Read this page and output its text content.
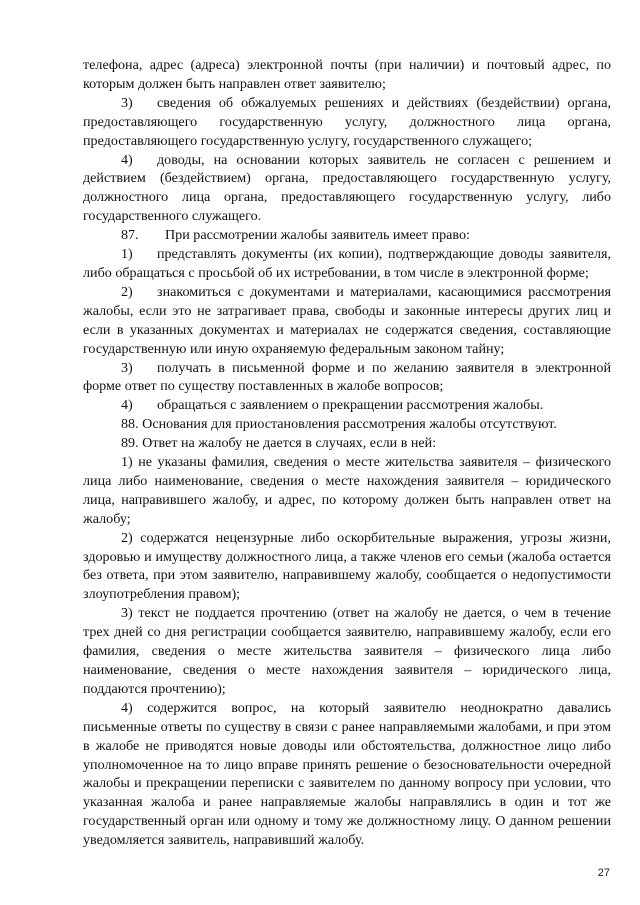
телефона, адрес (адреса) электронной почты (при наличии) и почтовый адрес, по которым должен быть направлен ответ заявителю;

3) сведения об обжалуемых решениях и действиях (бездействии) органа, предоставляющего государственную услугу, должностного лица органа, предоставляющего государственную услугу, государственного служащего;

4) доводы, на основании которых заявитель не согласен с решением и действием (бездействием) органа, предоставляющего государственную услугу, должностного лица органа, предоставляющего государственную услугу, либо государственного служащего.

87. При рассмотрении жалобы заявитель имеет право:

1) представлять документы (их копии), подтверждающие доводы заявителя, либо обращаться с просьбой об их истребовании, в том числе в электронной форме;

2) знакомиться с документами и материалами, касающимися рассмотрения жалобы, если это не затрагивает права, свободы и законные интересы других лиц и если в указанных документах и материалах не содержатся сведения, составляющие государственную или иную охраняемую федеральным законом тайну;

3) получать в письменной форме и по желанию заявителя в электронной форме ответ по существу поставленных в жалобе вопросов;

4) обращаться с заявлением о прекращении рассмотрения жалобы.

88. Основания для приостановления рассмотрения жалобы отсутствуют.

89. Ответ на жалобу не дается в случаях, если в ней:

1) не указаны фамилия, сведения о месте жительства заявителя – физического лица либо наименование, сведения о месте нахождения заявителя – юридического лица, направившего жалобу, и адрес, по которому должен быть направлен ответ на жалобу;

2) содержатся нецензурные либо оскорбительные выражения, угрозы жизни, здоровью и имуществу должностного лица, а также членов его семьи (жалоба остается без ответа, при этом заявителю, направившему жалобу, сообщается о недопустимости злоупотребления правом);

3) текст не поддается прочтению (ответ на жалобу не дается, о чем в течение трех дней со дня регистрации сообщается заявителю, направившему жалобу, если его фамилия, сведения о месте жительства заявителя – физического лица либо наименование, сведения о месте нахождения заявителя – юридического лица, поддаются прочтению);

4) содержится вопрос, на который заявителю неоднократно давались письменные ответы по существу в связи с ранее направляемыми жалобами, и при этом в жалобе не приводятся новые доводы или обстоятельства, должностное лицо либо уполномоченное на то лицо вправе принять решение о безосновательности очередной жалобы и прекращении переписки с заявителем по данному вопросу при условии, что указанная жалоба и ранее направляемые жалобы направлялись в один и тот же государственный орган или одному и тому же должностному лицу. О данном решении уведомляется заявитель, направивший жалобу.

27
